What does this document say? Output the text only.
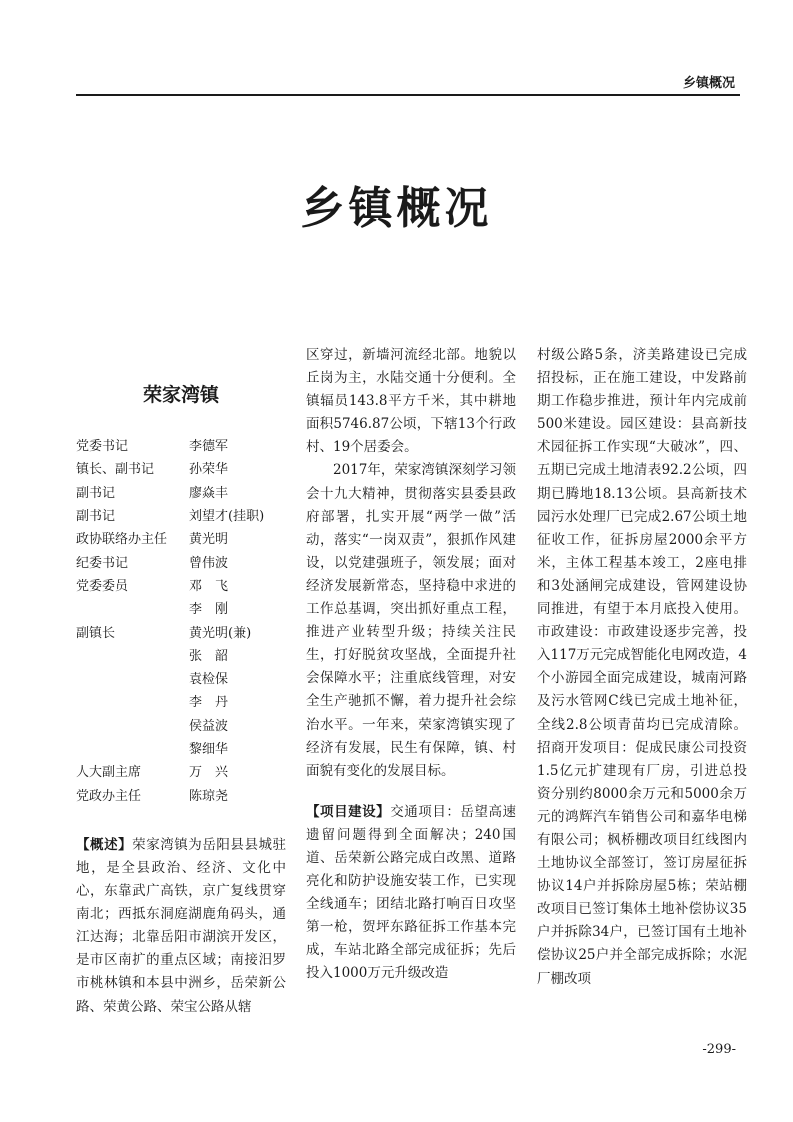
乡镇概况
乡镇概况
荣家湾镇
党委书记	李德军
镇长、副书记	孙荣华
副书记	廖焱丰
副书记	刘望才(挂职)
政协联络办主任	黄光明
纪委书记	曾伟波
党委委员	邓　飞
	李　刚
副镇长	黄光明(兼)
	张　韶
	袁检保
	李　丹
	侯益波
	黎细华
人大副主席	万　兴
党政办主任	陈琼尧

【概述】荣家湾镇为岳阳县县城驻地，是全县政治、经济、文化中心，东靠武广高铁，京广复线贯穿南北；西抵东洞庭湖鹿角码头，通江达海；北靠岳阳市湖滨开发区，是市区南扩的重点区域；南接汨罗市桃林镇和本县中洲乡，岳荣新公路、荣黄公路、荣宝公路从辖

区穿过，新墙河流经北部。地貌以丘岗为主，水陆交通十分便利。全镇辐员143.8平方千米，其中耕地面积5746.87公顷，下辖13个行政村、19个居委会。

2017年，荣家湾镇深刻学习领会十九大精神，贯彻落实县委县政府部署，扎实开展“两学一做”活动，落实“一岗双责”，狠抓作风建设，以党建强班子，领发展；面对经济发展新常态，坚持稳中求进的工作总基调，突出抓好重点工程，推进产业转型升级；持续关注民生，打好脱贫攻坚战，全面提升社会保障水平；注重底线管理，对安全生产驰抓不懈，着力提升社会综治水平。一年来，荣家湾镇实现了经济有发展，民生有保障，镇、村面貌有变化的发展目标。

【项目建设】交通项目：岳望高速遗留问题得到全面解决；240国道、岳荣新公路完成白改黑、道路亮化和防护设施安装工作，已实现全线通车；团结北路打响百日攻坚第一枪，贺坪东路征拆工作基本完成，车站北路全部完成征拆；先后投入1000万元升级改造

村级公路5条，济美路建设已完成招投标，正在施工建设，中发路前期工作稳步推进，预计年内完成前500米建设。园区建设：县高新技术园征拆工作实现“大破冰”，四、五期已完成土地清表92.2公顷，四期已腾地18.13公顷。县高新技术园污水处理厂已完成2.67公顷土地征收工作，征拆房屋2000余平方米，主体工程基本竣工，2座电排和3处涵闸完成建设，管网建设协同推进，有望于本月底投入使用。市政建设：市政建设逐步完善，投入117万元完成智能化电网改造，4个小游园全面完成建设，城南河路及污水管网C线已完成土地补征，全线2.8公顷青苗均已完成清除。招商开发项目：促成民康公司投资1.5亿元扩建现有厂房，引进总投资分别约8000余万元和5000余万元的鸿辉汽车销售公司和嘉华电梯有限公司；枫桥棚改项目红线图内土地协议全部签订，签订房屋征拆协议14户并拆除房屋5栋；荣站棚改项目已签订集体土地补偿协议35户并拆除34户，已签订国有土地补偿协议25户并全部完成拆除；水泥厂棚改项

-299-
